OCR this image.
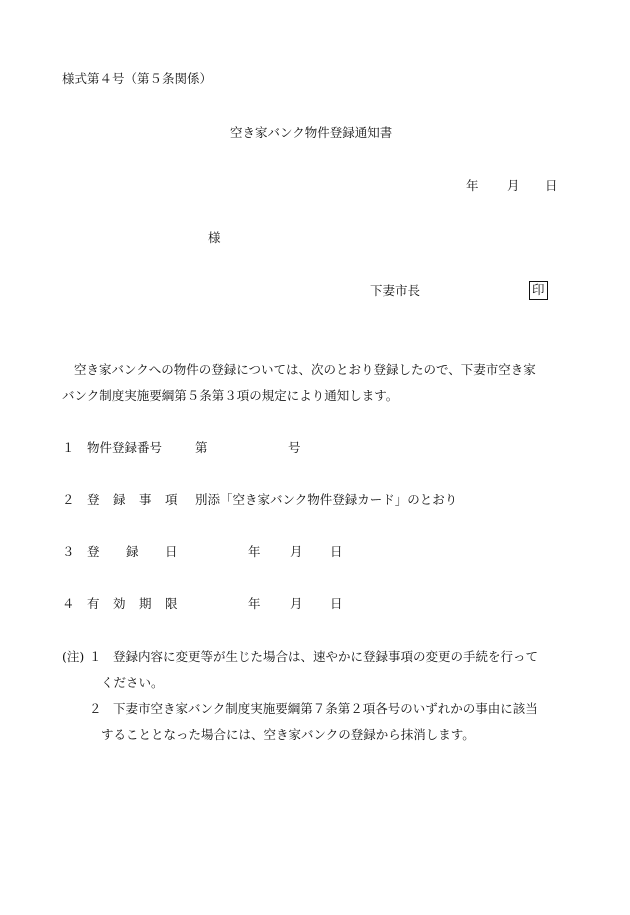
様式第４号（第５条関係）
空き家バンク物件登録通知書
年 月 日
様
下妻市長	印
空き家バンクへの物件の登録については、次のとおり登録したので、下妻市空き家
バンク制度実施要綱第５条第３項の規定により通知します。
１ 物件登録番号	第	号
２ 登 録 事 項 別添「空き家バンク物件登録カード」のとおり
３ 登 録 日	年 月 日
４ 有 効 期 限	年 月 日
(注) １ 登録内容に変更等が生じた場合は、速やかに登録事項の変更の手続を行って
ください。
２ 下妻市空き家バンク制度実施要綱第７条第２項各号のいずれかの事由に該当
することとなった場合には、空き家バンクの登録から抹消します。
